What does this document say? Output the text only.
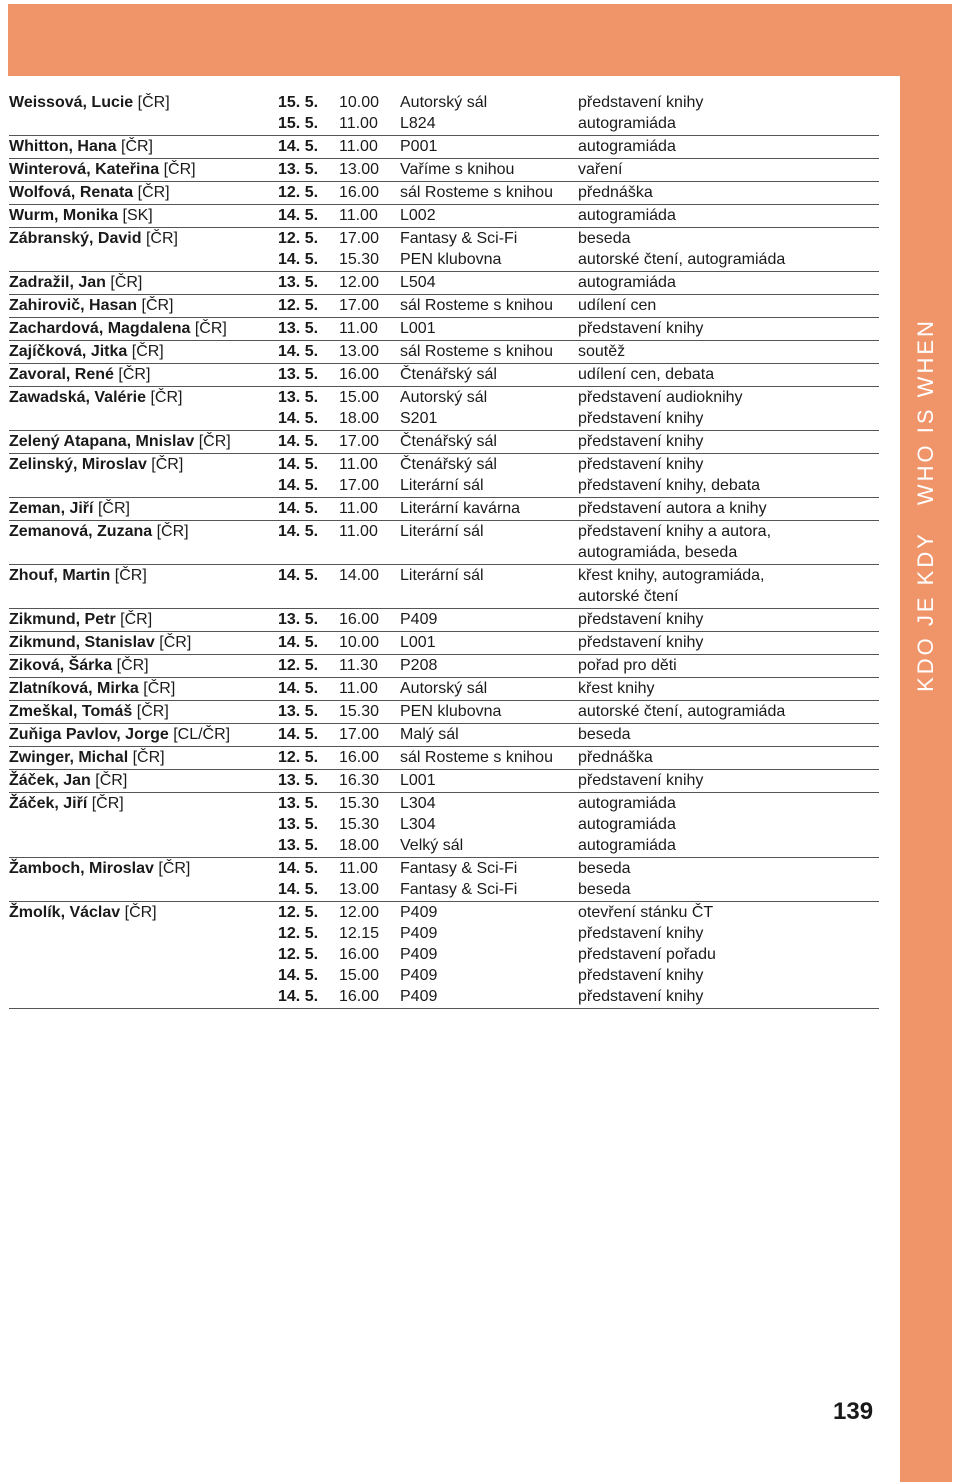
KDO JE KDYWHO IS WHEN
Weissová, Lucie [ČR]	15. 5.	10.00	Autorský sál	představení knihy
15. 5.	11.00	L824	autogramiáda
Whitton, Hana [ČR]	14. 5.	11.00	P001	autogramiáda
Winterová, Kateřina [ČR]	13. 5.	13.00	Vaříme s knihou	vaření
Wolfová, Renata [ČR]	12. 5.	16.00	sál Rosteme s knihou	přednáška
Wurm, Monika [SK]	14. 5.	11.00	L002	autogramiáda
Zábranský, David [ČR]	12. 5.	17.00	Fantasy & Sci-Fi	beseda
14. 5.	15.30	PEN klubovna	autorské čtení, autogramiáda
Zadražil, Jan [ČR]	13. 5.	12.00	L504	autogramiáda
Zahirovič, Hasan [ČR]	12. 5.	17.00	sál Rosteme s knihou	udílení cen
Zachardová, Magdalena [ČR]	13. 5.	11.00	L001	představení knihy
Zajíčková, Jitka [ČR]	14. 5.	13.00	sál Rosteme s knihou	soutěž
Zavoral, René [ČR]	13. 5.	16.00	Čtenářský sál	udílení cen, debata
Zawadská, Valérie [ČR]	13. 5.	15.00	Autorský sál	představení audioknihy
14. 5.	18.00	S201	představení knihy
Zelený Atapana, Mnislav [ČR]	14. 5.	17.00	Čtenářský sál	představení knihy
Zelinský, Miroslav [ČR]	14. 5.	11.00	Čtenářský sál	představení knihy
14. 5.	17.00	Literární sál	představení knihy, debata
Zeman, Jiří [ČR]	14. 5.	11.00	Literární kavárna	představení autora a knihy
Zemanová, Zuzana [ČR]	14. 5.	11.00	Literární sál	představení knihy a autora,
autogramiáda, beseda
Zhouf, Martin [ČR]	14. 5.	14.00	Literární sál	křest knihy, autogramiáda,
autorské čtení
Zikmund, Petr [ČR]	13. 5.	16.00	P409	představení knihy
Zikmund, Stanislav [ČR]	14. 5.	10.00	L001	představení knihy
Ziková, Šárka [ČR]	12. 5.	11.30	P208	pořad pro děti
Zlatníková, Mirka [ČR]	14. 5.	11.00	Autorský sál	křest knihy
Zmeškal, Tomáš [ČR]	13. 5.	15.30	PEN klubovna	autorské čtení, autogramiáda
Zuňiga Pavlov, Jorge [CL/ČR]	14. 5.	17.00	Malý sál	beseda
Zwinger, Michal [ČR]	12. 5.	16.00	sál Rosteme s knihou	přednáška
Žáček, Jan [ČR]	13. 5.	16.30	L001	představení knihy
Žáček, Jiří [ČR]	13. 5.	15.30	L304	autogramiáda
13. 5.	15.30	L304	autogramiáda
13. 5.	18.00	Velký sál	autogramiáda
Žamboch, Miroslav [ČR]	14. 5.	11.00	Fantasy & Sci-Fi	beseda
14. 5.	13.00	Fantasy & Sci-Fi	beseda
Žmolík, Václav [ČR]	12. 5.	12.00	P409	otevření stánku ČT
12. 5.	12.15	P409	představení knihy
12. 5.	16.00	P409	představení pořadu
14. 5.	15.00	P409	představení knihy
14. 5.	16.00	P409	představení knihy
139
